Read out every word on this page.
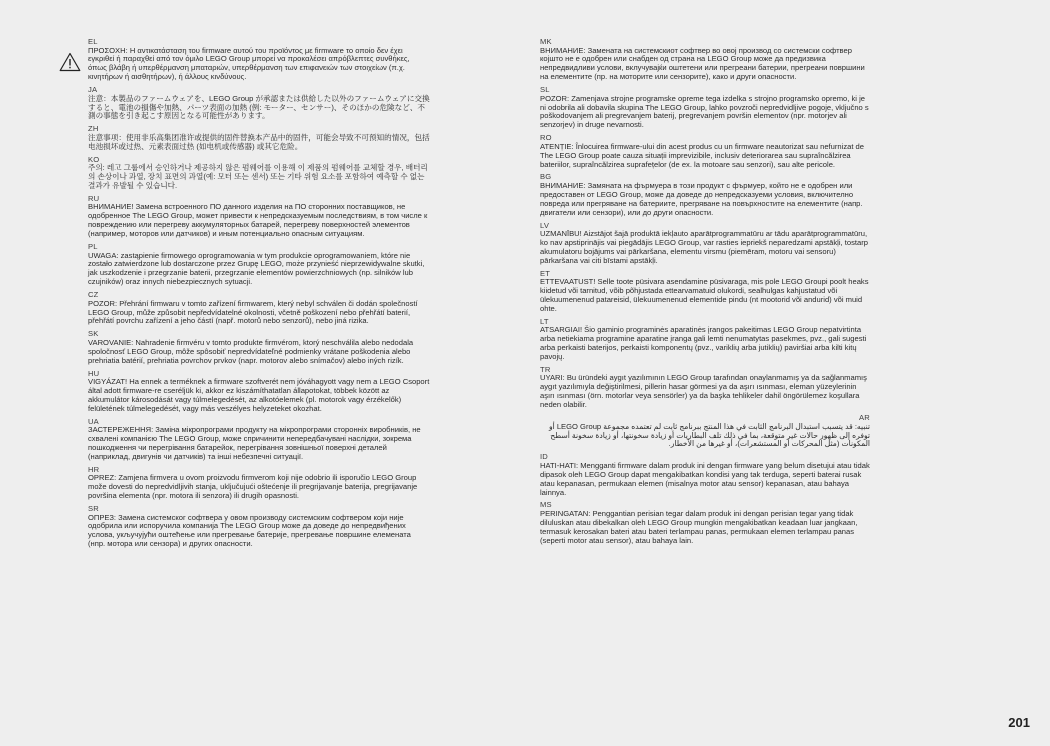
EL
ΠΡΟΣΟΧΗ: Η αντικατάσταση του firmware αυτού του προϊόντος με firmware το οποίο δεν έχει εγκριθεί ή παραχθεί από τον όμιλο LEGO Group μπορεί να προκαλέσει απρόβλεπτες συνθήκες, όπως βλάβη ή υπερθέρμανση μπαταριών, υπερθέρμανση των επιφανειών των στοιχείων (π.χ. κινητήρων ή αισθητήρων), ή άλλους κινδύνους.
JA
注意：本製品のファームウェアを、LEGO Group が承認または供給した以外のファームウェアに交換すると、電池の損傷や加熱、パーツ表面の加熱 (例: モーター、センサー)、そのほかの危険など、不測の事態を引き起こす原因となる可能性があります。
ZH
注意事项：使用非乐高集团准许或提供的固件替换本产品中的固件，可能会导致不可预知的情况，包括电池损坏或过热、元素表面过热 (如电机或传感器) 或其它危险。
KO
주의: 레고 그룹에서 승인하거나 제공하지 않은 펌웨어를 이용해 이 제품의 펌웨어를 교체할 경우, 배터리의 손상이나 과열, 장치 표면의 과열(예: 모터 또는 센서) 또는 기타 위험 요소를 포함하여 예측할 수 없는 결과가 유발될 수 있습니다.
RU
ВНИМАНИЕ! Замена встроенного ПО данного изделия на ПО сторонних поставщиков, не одобренное The LEGO Group, может привести к непредсказуемым последствиям, в том числе к повреждению или перегреву аккумуляторных батарей, перегреву поверхностей элементов (например, моторов или датчиков) и иным потенциально опасным ситуациям.
PL
UWAGA: zastąpienie firmowego oprogramowania w tym produkcie oprogramowaniem, które nie zostało zatwierdzone lub dostarczone przez Grupę LEGO, może przynieść nieprzewidywalne skutki, jak uszkodzenie i przegrzanie baterii, przegrzanie elementów powierzchniowych (np. silników lub czujników) oraz innych niebezpiecznych sytuacji.
CZ
POZOR: Přehrání firmwaru v tomto zařízení firmwarem, který nebyl schválen či dodán společností LEGO Group, může způsobit nepředvídatelné okolnosti, včetně poškození nebo přehřátí baterií, přehřátí povrchu zařízení a jeho částí (např. motorů nebo senzorů), nebo jiná rizika.
SK
VAROVANIE: Nahradenie firmvéru v tomto produkte firmvérom, ktorý neschválila alebo nedodala spoločnosť LEGO Group, môže spôsobiť nepredvídateľné podmienky vrátane poškodenia alebo prehriatia batérií, prehriatia povrchov prvkov (napr. motorov alebo snímačov) alebo iných rizík.
HU
VIGYÁZAT! Ha ennek a terméknek a firmware szoftverét nem jóváhagyott vagy nem a LEGO Csoport által adott firmware-re cseréljük ki, akkor ez kiszámíthatatlan állapotokat, többek között az akkumulátor károsodását vagy túlmelegedését, az alkotóelemek (pl. motorok vagy érzékelők) felületének túlmelegedését, vagy más veszélyes helyzeteket okozhat.
UA
ЗАСТЕРЕЖЕННЯ: Заміна мікропрограми продукту на мікропрограми сторонніх виробників, не схвалені компанією The LEGO Group, може спричинити непередбачувані наслідки, зокрема пошкодження чи перегрівання батарейок, перегрівання зовнішньої поверхні деталей (наприклад, двигунів чи датчиків) та інші небезпечні ситуації.
HR
OPREZ: Zamjena firmvera u ovom proizvodu firmverom koji nije odobrio ili isporučio LEGO Group može dovesti do nepredvidljivih stanja, uključujući oštećenje ili pregrijavanje baterija, pregrijavanje površina elementa (npr. motora ili senzora) ili drugih opasnosti.
SR
ОПРЕЗ: Замена системског софтвера у овом производу системским софтвером који није одобрила или испоручила компанија The LEGO Group може да доведе до непредвиђених услова, укључујући оштећење или прегревање батерије, прегревање површине елемената (нпр. мотора или сензора) и других опасности.
MK
ВНИМАНИЕ: Замената на системскиот софтвер во овој производ со системски софтвер којшто не е одобрен или снабден од страна на LEGO Group може да предизвика непредвидливи услови, вклучувајќи оштетени или прегреани батерии, прегреани површини на елементите (пр. на моторите или сензорите), како и други опасности.
SL
POZOR: Zamenjava strojne programske opreme tega izdelka s strojno programsko opremo, ki je ni odobrila ali dobavila skupina The LEGO Group, lahko povzroči nepredvidljive pogoje, vključno s poškodovanjem ali pregrevanjem baterij, pregrevanjem površin elementov (npr. motorjev ali senzorjev) in druge nevarnosti.
RO
ATENȚIE: Înlocuirea firmware-ului din acest produs cu un firmware neautorizat sau nefurnizat de The LEGO Group poate cauza situații imprevizibile, inclusiv deteriorarea sau supraîncălzirea bateriilor, supraîncălzirea suprafețelor (de ex. la motoare sau senzori), sau alte pericole.
BG
ВНИМАНИЕ: Замяната на фърмуера в този продукт с фърмуер, който не е одобрен или предоставен от LEGO Group, може да доведе до непредсказуеми условия, включително повреда или прегряване на батериите, прегряване на повърхностите на елементите (напр. двигатели или сензори), или до други опасности.
LV
UZMANĪBU! Aizstājot šajā produktā iekļauto aparātprogrammatūru ar tādu aparātprogrammatūru, ko nav apstiprinājis vai piegādājis LEGO Group, var rasties iepriekš neparedzami apstākļi, tostarp akumulatoru bojājums vai pārkaršana, elementu virsmu (piemēram, motoru vai sensoru) pārkaršana vai citi bīstami apstākļi.
ET
ETTEVAATUST! Selle toote püsivara asendamine püsivaraga, mis pole LEGO Groupi poolt heaks kiidetud või tarnitud, võib põhjustada ettearvamatuid olukordi, sealhulgas kahjustatud või ülekuumenenud patareisid, ülekuumenenud elementide pindu (nt mootorid või andurid) või muid ohte.
LT
ATSARGIAI! Šio gaminio programinės aparatinės įrangos pakeitimas LEGO Group nepatvirtinta arba netiekiama programine aparatine įranga gali lemti nenumatytas pasekmes, pvz., gali sugesti arba perkaisti baterijos, perkaisti komponentų (pvz., variklių arba jutiklių) paviršiai arba kilti kitų pavojų.
TR
UYARI: Bu üründeki aygıt yazılımının LEGO Group tarafından onaylanmamış ya da sağlanmamış aygıt yazılımıyla değiştirilmesi, pillerin hasar görmesi ya da aşırı ısınması, eleman yüzeylerinin aşırı ısınması (örn. motorlar veya sensörler) ya da başka tehlikeler dahil öngörülemez koşullara neden olabilir.
AR
تنبيه: قد يتسبب استبدال البرنامج الثابت في هذا المنتج ببرنامج ثابت لم تعتمده مجموعة LEGO Group أو توفره إلى ظهور حالات غير متوقعة، بما في ذلك تلف البطاريات أو زيادة سخونتها، أو زيادة سخونة أسطح المكونات (مثل المحركات أو المستشعرات)، أو غيرها من الأخطار.
ID
HATI-HATI: Mengganti firmware dalam produk ini dengan firmware yang belum disetujui atau tidak dipasok oleh LEGO Group dapat mengakibatkan kondisi yang tak terduga, seperti baterai rusak atau kepanasan, permukaan elemen (misalnya motor atau sensor) kepanasan, atau bahaya lainnya.
MS
PERINGATAN: Penggantian perisian tegar dalam produk ini dengan perisian tegar yang tidak diluluskan atau dibekalkan oleh LEGO Group mungkin mengakibatkan keadaan luar jangkaan, termasuk kerosakan bateri atau bateri terlampau panas, permukaan elemen terlampau panas (seperti motor atau sensor), atau bahaya lain.
201
